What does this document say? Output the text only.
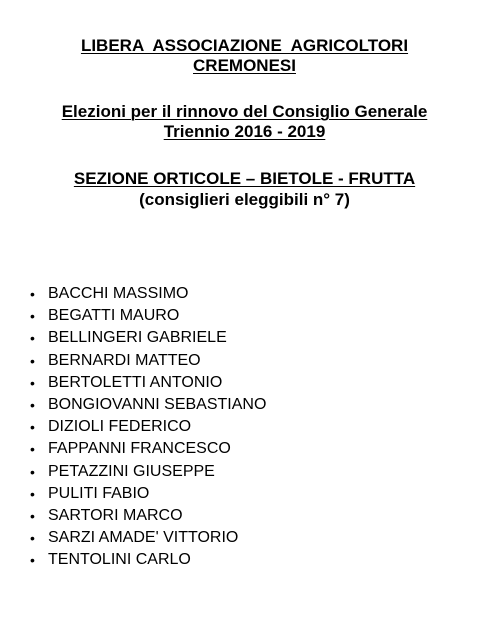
LIBERA  ASSOCIAZIONE  AGRICOLTORI
CREMONESI
Elezioni per il rinnovo del Consiglio Generale
Triennio 2016 - 2019
SEZIONE ORTICOLE – BIETOLE - FRUTTA
(consiglieri eleggibili n° 7)
• BACCHI MASSIMO
• BEGATTI MAURO
• BELLINGERI GABRIELE
• BERNARDI MATTEO
• BERTOLETTI ANTONIO
• BONGIOVANNI SEBASTIANO
• DIZIOLI FEDERICO
• FAPPANNI FRANCESCO
• PETAZZINI GIUSEPPE
• PULITI FABIO
• SARTORI MARCO
• SARZI AMADE' VITTORIO
• TENTOLINI CARLO
